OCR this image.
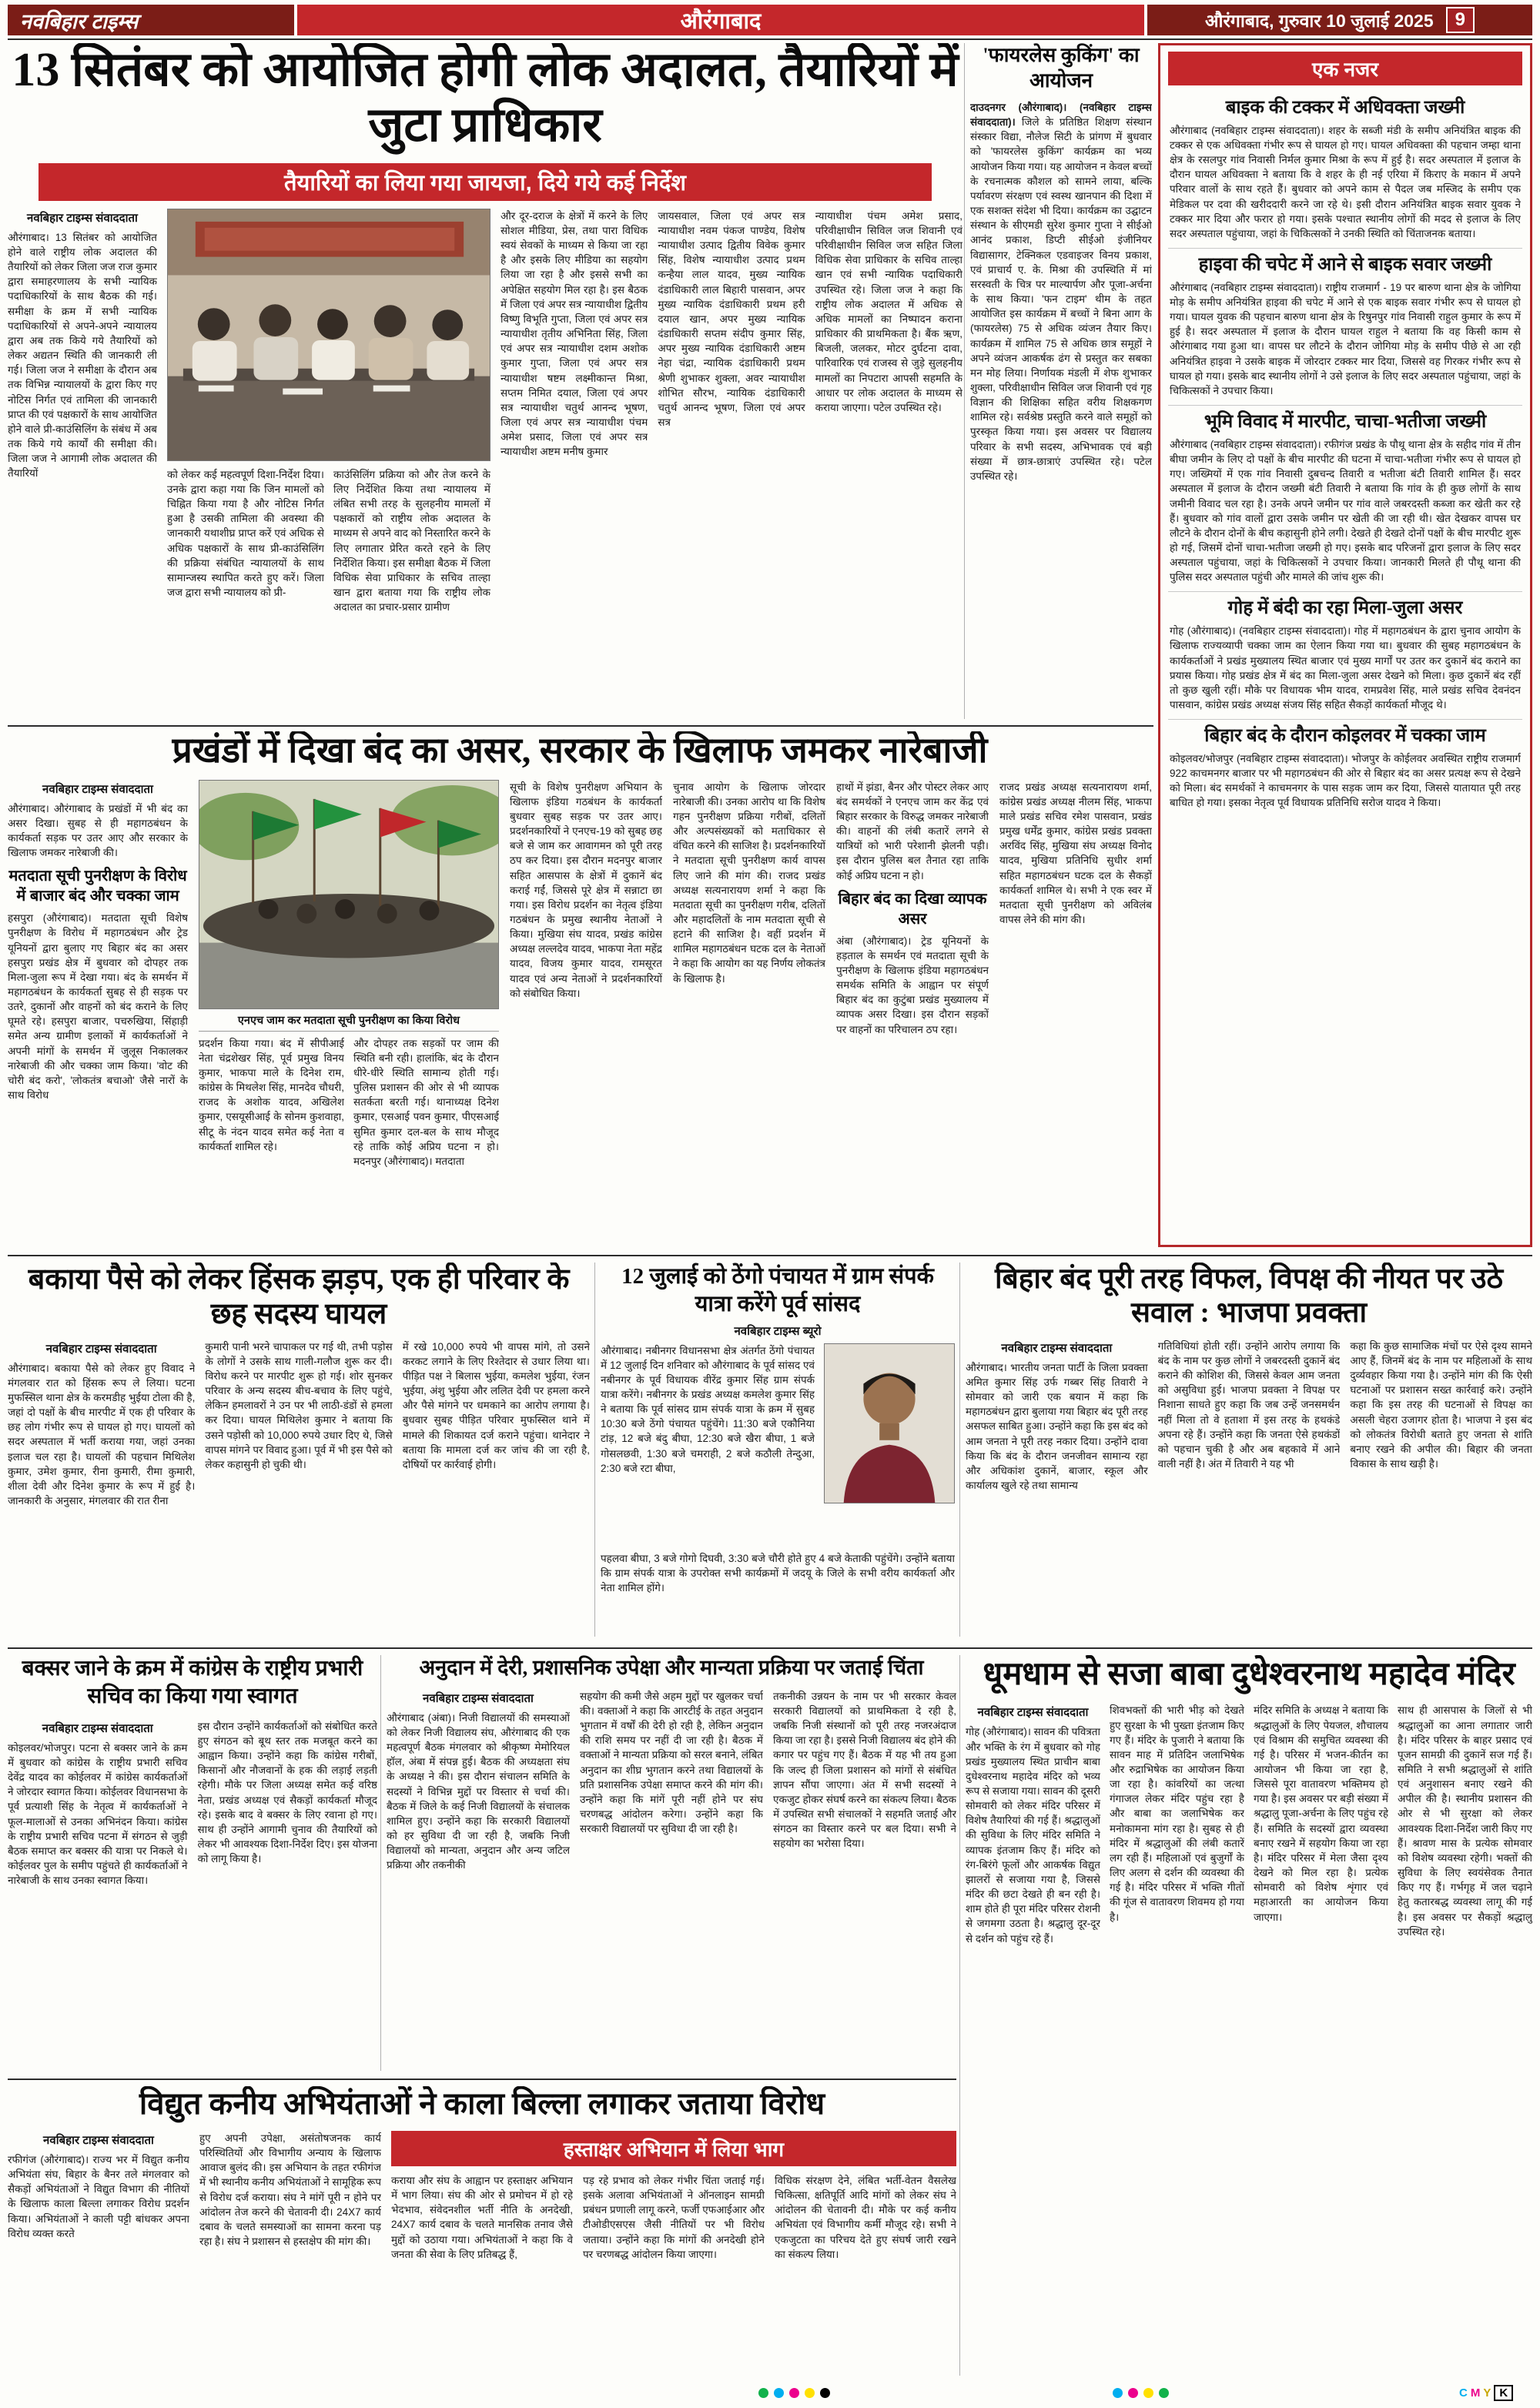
नवबिहार टाइम्स	औरंगाबाद	औरंगाबाद, गुरुवार 10 जुलाई 2025	9
13 सितंबर को आयोजित होगी लोक अदालत, तैयारियों में जुटा प्राधिकार
तैयारियों का लिया गया जायजा, दिये गये कई निर्देश
नवबिहार टाइम्स संवाददाता
औरंगाबाद। 13 सितंबर को आयोजित होने वाले राष्ट्रीय लोक अदालत की तैयारियों को लेकर जिला जज राज कुमार द्वारा समाहरणालय के सभी न्यायिक पदाधिकारियों के साथ बैठक की गई। समीक्षा के क्रम में सभी न्यायिक पदाधिकारियों से अपने-अपने न्यायालय द्वारा अब तक किये गये तैयारियों को लेकर अद्यतन स्थिति की जानकारी ली गई। जिला जज ने समीक्षा के दौरान अब तक विभिन्न न्यायालयों के द्वारा किए गए नोटिस निर्गत एवं तामिला की जानकारी प्राप्त की एवं पक्षकारों के साथ आयोजित होने वाले प्री-काउंसिलिंग के संबंध में अब तक किये गये कार्यों की समीक्षा की। जिला जज ने आगामी लोक अदालत की तैयारियों	को लेकर कई महत्वपूर्ण दिशा-निर्देश दिया। उनके द्वारा कहा गया कि जिन मामलों को चिह्नित किया गया है और नोटिस निर्गत हुआ है उसकी तामिला की अवस्था की जानकारी यथाशीघ्र प्राप्त करें एवं अधिक से अधिक पक्षकारों के साथ प्री-काउंसिलिंग की प्रक्रिया संबंधित न्यायालयों के साथ सामान्जस्य स्थापित करते हुए करें। जिला जज द्वारा सभी न्यायालय को प्री-
काउंसिलिंग प्रक्रिया को और तेज करने के लिए निर्देशित किया तथा न्यायालय में लंबित सभी तरह के सुलहनीय मामलों में पक्षकारों को राष्ट्रीय लोक अदालत के माध्यम से अपने वाद को निस्तारित करने के लिए लगातार प्रेरित करते रहने के लिए निर्देशित किया। इस समीक्षा बैठक में जिला विधिक सेवा प्राधिकार के सचिव ताल्हा खान द्वारा बताया गया कि राष्ट्रीय लोक अदालत का प्रचार-प्रसार ग्रामीण
और दूर-दराज के क्षेत्रों में करने के लिए सोशल मीडिया, प्रेस, तथा पारा विधिक स्वयं सेवकों के माध्यम से किया जा रहा है और इसके लिए मीडिया का सहयोग लिया जा रहा है और इससे सभी का अपेक्षित सहयोग मिल रहा है। इस बैठक में जिला एवं अपर सत्र न्यायाधीश द्वितीय विष्णु विभूति गुप्ता, जिला एवं अपर सत्र न्यायाधीश तृतीय अभिनिता सिंह, जिला एवं अपर सत्र न्यायाधीश दशम अशोक कुमार गुप्ता, जिला एवं अपर सत्र न्यायाधीश षष्टम लक्ष्मीकान्त मिश्रा, सप्तम निमित दयाल, जिला एवं अपर सत्र न्यायाधीश चतुर्थ आनन्द भूषण, जिला एवं अपर सत्र न्यायाधीश पंचम अमेश प्रसाद, जिला एवं अपर सत्र न्यायाधीश अष्टम मनीष कुमार
जायसवाल, जिला एवं अपर सत्र न्यायाधीश नवम पंकज पाण्डेय, विशेष न्यायाधीश उत्पाद द्वितीय विवेक कुमार सिंह, विशेष न्यायाधीश उत्पाद प्रथम कन्हैया लाल यादव, मुख्य न्यायिक दंडाधिकारी लाल बिहारी पासवान, अपर मुख्य न्यायिक दंडाधिकारी प्रथम हरी दयाल खान, अपर मुख्य न्यायिक दंडाधिकारी सप्तम संदीप कुमार सिंह, अपर मुख्य न्यायिक दंडाधिकारी अष्टम नेहा चंद्रा, न्यायिक दंडाधिकारी प्रथम श्रेणी शुभाकर शुक्ला, अवर न्यायाधीश शोभित सौरभ, न्यायिक दंडाधिकारी चतुर्थ आनन्द भूषण, जिला एवं अपर सत्र
न्यायाधीश पंचम अमेश प्रसाद, परिवीक्षाधीन सिविल जज शिवानी एवं परिवीक्षाधीन सिविल जज सहित जिला विधिक सेवा प्राधिकार के सचिव ताल्हा खान एवं सभी न्यायिक पदाधिकारी उपस्थित रहे। जिला जज ने कहा कि राष्ट्रीय लोक अदालत में अधिक से अधिक मामलों का निष्पादन कराना प्राधिकार की प्राथमिकता है। बैंक ऋण, बिजली, जलकर, मोटर दुर्घटना दावा, पारिवारिक एवं राजस्व से जुड़े सुलहनीय मामलों का निपटारा आपसी सहमति के आधार पर लोक अदालत के माध्यम से कराया जाएगा। पटेल उपस्थित रहे।
'फायरलेस कुकिंग' का आयोजन
दाउदनगर (औरंगाबाद)। (नवबिहार टाइम्स संवाददाता)। जिले के प्रतिष्ठित शिक्षण संस्थान संस्कार विद्या, नौलेज सिटी के प्रांगण में बुधवार को 'फायरलेस कुकिंग' कार्यक्रम का भव्य आयोजन किया गया। यह आयोजन न केवल बच्चों के रचनात्मक कौशल को सामने लाया, बल्कि पर्यावरण संरक्षण एवं स्वस्थ खानपान की दिशा में एक सशक्त संदेश भी दिया। कार्यक्रम का उद्घाटन संस्थान के सीएमडी सुरेश कुमार गुप्ता ने सीईओ आनंद प्रकाश, डिप्टी सीईओ इंजीनियर विद्यासागर, टेक्निकल एडवाइजर विनय प्रकाश, एवं प्राचार्य ए. के. मिश्रा की उपस्थिति में मां सरस्वती के चित्र पर माल्यार्पण और पूजा-अर्चना के साथ किया। 'फन टाइम' थीम के तहत आयोजित इस कार्यक्रम में बच्चों ने बिना आग के (फायरलेस) 75 से अधिक व्यंजन तैयार किए। कार्यक्रम में शामिल 75 से अधिक छात्र समूहों ने अपने व्यंजन आकर्षक ढंग से प्रस्तुत कर सबका मन मोह लिया। निर्णायक मंडली में शेफ शुभाकर शुक्ला, परिवीक्षाधीन सिविल जज शिवानी एवं गृह विज्ञान की शिक्षिका सहित वरीय शिक्षकगण शामिल रहे। सर्वश्रेष्ठ प्रस्तुति करने वाले समूहों को पुरस्कृत किया गया। इस अवसर पर विद्यालय परिवार के सभी सदस्य, अभिभावक एवं बड़ी संख्या में छात्र-छात्राएं उपस्थित रहे। पटेल उपस्थित रहे।
एक नजर
बाइक की टक्कर में अधिवक्ता जख्मी
औरंगाबाद (नवबिहार टाइम्स संवाददाता)। शहर के सब्जी मंडी के समीप अनियंत्रित बाइक की टक्कर से एक अधिवक्ता गंभीर रूप से घायल हो गए। घायल अधिवक्ता की पहचान जम्हा थाना क्षेत्र के रसलपुर गांव निवासी निर्मल कुमार मिश्रा के रूप में हुई है। सदर अस्पताल में इलाज के दौरान घायल अधिवक्ता ने बताया कि वे शहर के ही नई एरिया में किराए के मकान में अपने परिवार वालों के साथ रहते हैं। बुधवार को अपने काम से पैदल जब मस्जिद के समीप एक मेडिकल पर दवा की खरीददारी करने जा रहे थे। इसी दौरान अनियंत्रित बाइक सवार युवक ने टक्कर मार दिया और फरार हो गया। इसके पश्चात स्थानीय लोगों की मदद से इलाज के लिए सदर अस्पताल पहुंचाया, जहां के चिकित्सकों ने उनकी स्थिति को चिंताजनक बताया।
हाइवा की चपेट में आने से बाइक सवार जख्मी
औरंगाबाद (नवबिहार टाइम्स संवाददाता)। राष्ट्रीय राजमार्ग - 19 पर बारुण थाना क्षेत्र के जोगिया मोड़ के समीप अनियंत्रित हाइवा की चपेट में आने से एक बाइक सवार गंभीर रूप से घायल हो गया। घायल युवक की पहचान बारुण थाना क्षेत्र के रिषुनपुर गांव निवासी राहुल कुमार के रूप में हुई है। सदर अस्पताल में इलाज के दौरान घायल राहुल ने बताया कि वह किसी काम से औरंगाबाद गया हुआ था। वापस घर लौटने के दौरान जोगिया मोड़ के समीप पीछे से आ रही अनियंत्रित हाइवा ने उसके बाइक में जोरदार टक्कर मार दिया, जिससे वह गिरकर गंभीर रूप से घायल हो गया। इसके बाद स्थानीय लोगों ने उसे इलाज के लिए सदर अस्पताल पहुंचाया, जहां के चिकित्सकों ने उपचार किया।
भूमि विवाद में मारपीट, चाचा-भतीजा जख्मी
औरंगाबाद (नवबिहार टाइम्स संवाददाता)। रफीगंज प्रखंड के पौथू थाना क्षेत्र के सहीद गांव में तीन बीघा जमीन के लिए दो पक्षों के बीच मारपीट की घटना में चाचा-भतीजा गंभीर रूप से घायल हो गए। जख्मियों में एक गांव निवासी दुबचन्द तिवारी व भतीजा बंटी तिवारी शामिल हैं। सदर अस्पताल में इलाज के दौरान जख्मी बंटी तिवारी ने बताया कि गांव के ही कुछ लोगों के साथ जमीनी विवाद चल रहा है। उनके अपने जमीन पर गांव वाले जबरदस्ती कब्जा कर खेती कर रहे हैं। बुधवार को गांव वालों द्वारा उसके जमीन पर खेती की जा रही थी। खेत देखकर वापस घर लौटने के दौरान दोनों के बीच कहासुनी होने लगी। देखते ही देखते दोनों पक्षों के बीच मारपीट शुरू हो गई, जिसमें दोनों चाचा-भतीजा जख्मी हो गए। इसके बाद परिजनों द्वारा इलाज के लिए सदर अस्पताल पहुंचाया, जहां के चिकित्सकों ने उपचार किया। जानकारी मिलते ही पौथू थाना की पुलिस सदर अस्पताल पहुंची और मामले की जांच शुरू की।
गोह में बंदी का रहा मिला-जुला असर
गोह (औरंगाबाद)। (नवबिहार टाइम्स संवाददाता)। गोह में महागठबंधन के द्वारा चुनाव आयोग के खिलाफ राज्यव्यापी चक्का जाम का ऐलान किया गया था। बुधवार की सुबह महागठबंधन के कार्यकर्ताओं ने प्रखंड मुख्यालय स्थित बाजार एवं मुख्य मार्गों पर उतर कर दुकानें बंद कराने का प्रयास किया। गोह प्रखंड क्षेत्र में बंद का मिला-जुला असर देखने को मिला। कुछ दुकानें बंद रहीं तो कुछ खुली रहीं। मौके पर विधायक भीम यादव, रामप्रवेश सिंह, माले प्रखंड सचिव देवनंदन पासवान, कांग्रेस प्रखंड अध्यक्ष संजय सिंह सहित सैकड़ों कार्यकर्ता मौजूद थे।
बिहार बंद के दौरान कोइलवर में चक्का जाम
कोइलवर/भोजपुर (नवबिहार टाइम्स संवाददाता)। भोजपुर के कोईलवर अवस्थित राष्ट्रीय राजमार्ग 922 काचमनगर बाजार पर भी महागठबंधन की ओर से बिहार बंद का असर प्रत्यक्ष रूप से देखने को मिला। बंद समर्थकों ने काचमनगर के पास सड़क जाम कर दिया, जिससे यातायात पूरी तरह बाधित हो गया। इसका नेतृत्व पूर्व विधायक प्रतिनिधि सरोज यादव ने किया।
प्रखंडों में दिखा बंद का असर, सरकार के खिलाफ जमकर नारेबाजी
नवबिहार टाइम्स संवाददाता
औरंगाबाद। औरंगाबाद के प्रखंडों में भी बंद का असर दिखा। सुबह से ही महागठबंधन के कार्यकर्ता सड़क पर उतर आए और सरकार के खिलाफ जमकर नारेबाजी की।
मतदाता सूची पुनरीक्षण के विरोध में बाजार बंद और चक्का जाम
हसपुरा (औरंगाबाद)। मतदाता सूची विशेष पुनरीक्षण के विरोध में महागठबंधन और ट्रेड यूनियनों द्वारा बुलाए गए बिहार बंद का असर हसपुरा प्रखंड क्षेत्र में बुधवार को दोपहर तक मिला-जुला रूप में देखा गया। बंद के समर्थन में महागठबंधन के कार्यकर्ता सुबह से ही सड़क पर उतरे, दुकानों और वाहनों को बंद कराने के लिए घूमते रहे। हसपुरा बाजार, पचरुखिया, सिंहाड़ी समेत अन्य ग्रामीण इलाकों में कार्यकर्ताओं ने अपनी मांगों के समर्थन में जुलूस निकालकर नारेबाजी की और चक्का जाम किया। 'वोट की चोरी बंद करो', 'लोकतंत्र बचाओ' जैसे नारों के साथ विरोध
एनएच जाम कर मतदाता सूची पुनरीक्षण का किया विरोध
प्रदर्शन किया गया। बंद में सीपीआई नेता चंद्रशेखर सिंह, पूर्व प्रमुख विनय कुमार, भाकपा माले के दिनेश राम, कांग्रेस के मिथलेश सिंह, मानदेव चौधरी, राजद के अशोक यादव, अखिलेश कुमार, एसयूसीआई के सोनम कुशवाहा, सीटू के नंदन यादव समेत कई नेता व कार्यकर्ता शामिल रहे।
और दोपहर तक सड़कों पर जाम की स्थिति बनी रही। हालांकि, बंद के दौरान धीरे-धीरे स्थिति सामान्य होती गई। पुलिस प्रशासन की ओर से भी व्यापक सतर्कता बरती गई। थानाध्यक्ष दिनेश कुमार, एसआई पवन कुमार, पीएसआई सुमित कुमार दल-बल के साथ मौजूद रहे ताकि कोई अप्रिय घटना न हो। मदनपुर (औरंगाबाद)। मतदाता
सूची के विशेष पुनरीक्षण अभियान के खिलाफ इंडिया गठबंधन के कार्यकर्ता बुधवार सुबह सड़क पर उतर आए। प्रदर्शनकारियों ने एनएच-19 को सुबह छह बजे से जाम कर आवागमन को पूरी तरह ठप कर दिया। इस दौरान मदनपुर बाजार सहित आसपास के क्षेत्रों में दुकानें बंद कराई गईं, जिससे पूरे क्षेत्र में सन्नाटा छा गया। इस विरोध प्रदर्शन का नेतृत्व इंडिया गठबंधन के प्रमुख स्थानीय नेताओं ने किया। मुखिया संघ यादव, प्रखंड कांग्रेस अध्यक्ष लल्लदेव यादव, भाकपा नेता महेंद्र यादव, विजय कुमार यादव, रामसूरत यादव एवं अन्य नेताओं ने प्रदर्शनकारियों को संबोधित किया।
चुनाव आयोग के खिलाफ जोरदार नारेबाजी की। उनका आरोप था कि विशेष गहन पुनरीक्षण प्रक्रिया गरीबों, दलितों और अल्पसंख्यकों को मताधिकार से वंचित करने की साजिश है। प्रदर्शनकारियों ने मतदाता सूची पुनरीक्षण कार्य वापस लिए जाने की मांग की। राजद प्रखंड अध्यक्ष सत्यनारायण शर्मा ने कहा कि मतदाता सूची का पुनरीक्षण गरीब, दलितों और महादलितों के नाम मतदाता सूची से हटाने की साजिश है। वहीं प्रदर्शन में शामिल महागठबंधन घटक दल के नेताओं ने कहा कि आयोग का यह निर्णय लोकतंत्र के खिलाफ है।
हाथों में झंडा, बैनर और पोस्टर लेकर आए बंद समर्थकों ने एनएच जाम कर केंद्र एवं बिहार सरकार के विरुद्ध जमकर नारेबाजी की। वाहनों की लंबी कतारें लगने से यात्रियों को भारी परेशानी झेलनी पड़ी। इस दौरान पुलिस बल तैनात रहा ताकि कोई अप्रिय घटना न हो।
बिहार बंद का दिखा व्यापक असर
अंबा (औरंगाबाद)। ट्रेड यूनियनों के हड़ताल के समर्थन एवं मतदाता सूची के पुनरीक्षण के खिलाफ इंडिया महागठबंधन समर्थक समिति के आह्वान पर संपूर्ण बिहार बंद का कुटुंबा प्रखंड मुख्यालय में व्यापक असर दिखा। इस दौरान सड़कों पर वाहनों का परिचालन ठप रहा।
राजद प्रखंड अध्यक्ष सत्यनारायण शर्मा, कांग्रेस प्रखंड अध्यक्ष नीलम सिंह, भाकपा माले प्रखंड सचिव रमेश पासवान, प्रखंड प्रमुख धर्मेंद्र कुमार, कांग्रेस प्रखंड प्रवक्ता अरविंद सिंह, मुखिया संघ अध्यक्ष विनोद यादव, मुखिया प्रतिनिधि सुधीर शर्मा सहित महागठबंधन घटक दल के सैकड़ों कार्यकर्ता शामिल थे। सभी ने एक स्वर में मतदाता सूची पुनरीक्षण को अविलंब वापस लेने की मांग की।
बकाया पैसे को लेकर हिंसक झड़प, एक ही परिवार के छह सदस्य घायल
नवबिहार टाइम्स संवाददाता
औरंगाबाद। बकाया पैसे को लेकर हुए विवाद ने मंगलवार रात को हिंसक रूप ले लिया। घटना मुफस्सिल थाना क्षेत्र के करमडीह भुईया टोला की है, जहां दो पक्षों के बीच मारपीट में एक ही परिवार के छह लोग गंभीर रूप से घायल हो गए। घायलों को सदर अस्पताल में भर्ती कराया गया, जहां उनका इलाज चल रहा है। घायलों की पहचान मिथिलेश कुमार, उमेश कुमार, रीना कुमारी, रीमा कुमारी, शीला देवी और दिनेश कुमार के रूप में हुई है। जानकारी के अनुसार, मंगलवार की रात रीना
कुमारी पानी भरने चापाकल पर गई थी, तभी पड़ोस के लोगों ने उसके साथ गाली-गलौज शुरू कर दी। विरोध करने पर मारपीट शुरू हो गई। शोर सुनकर परिवार के अन्य सदस्य बीच-बचाव के लिए पहुंचे, लेकिन हमलावरों ने उन पर भी लाठी-डंडों से हमला कर दिया। घायल मिथिलेश कुमार ने बताया कि उसने पड़ोसी को 10,000 रुपये उधार दिए थे, जिसे वापस मांगने पर विवाद हुआ। पूर्व में भी इस पैसे को लेकर कहासुनी हो चुकी थी।
में रखे 10,000 रुपये भी वापस मांगे, तो उसने करकट लगाने के लिए रिश्तेदार से उधार लिया था। पीड़ित पक्ष ने बिलास भुईया, कमलेश भुईया, रंजन भुईया, अंशु भुईया और ललित देवी पर हमला करने और पैसे मांगने पर धमकाने का आरोप लगाया है। बुधवार सुबह पीड़ित परिवार मुफस्सिल थाने में मामले की शिकायत दर्ज कराने पहुंचा। थानेदार ने बताया कि मामला दर्ज कर जांच की जा रही है, दोषियों पर कार्रवाई होगी।
12 जुलाई को ठेंगो पंचायत में ग्राम संपर्क यात्रा करेंगे पूर्व सांसद
नवबिहार टाइम्स ब्यूरो
औरंगाबाद। नबीनगर विधानसभा क्षेत्र अंतर्गत ठेंगो पंचायत में 12 जुलाई दिन शनिवार को औरंगाबाद के पूर्व सांसद एवं नबीनगर के पूर्व विधायक वीरेंद्र कुमार सिंह ग्राम संपर्क यात्रा करेंगे। नबीनगर के प्रखंड अध्यक्ष कमलेश कुमार सिंह ने बताया कि पूर्व सांसद ग्राम संपर्क यात्रा के क्रम में सुबह 10:30 बजे ठेंगो पंचायत पहुंचेंगे। 11:30 बजे एकौनिया टांड़, 12 बजे बंदु बीघा, 12:30 बजे खैरा बीघा, 1 बजे गोसलछवी, 1:30 बजे चमराही, 2 बजे कठौली तेन्दुआ, 2:30 बजे रटा बीघा,
पहलवा बीघा, 3 बजे गोगो दिघवी, 3:30 बजे चौरी होते हुए 4 बजे केताकी पहुंचेंगे। उन्होंने बताया कि ग्राम संपर्क यात्रा के उपरोक्त सभी कार्यक्रमों में जदयू के जिले के सभी वरीय कार्यकर्ता और नेता शामिल होंगे।
बिहार बंद पूरी तरह विफल, विपक्ष की नीयत पर उठे सवाल : भाजपा प्रवक्ता
नवबिहार टाइम्स संवाददाता
औरंगाबाद। भारतीय जनता पार्टी के जिला प्रवक्ता अमित कुमार सिंह उर्फ गब्बर सिंह तिवारी ने सोमवार को जारी एक बयान में कहा कि महागठबंधन द्वारा बुलाया गया बिहार बंद पूरी तरह असफल साबित हुआ। उन्होंने कहा कि इस बंद को आम जनता ने पूरी तरह नकार दिया। उन्होंने दावा किया कि बंद के दौरान जनजीवन सामान्य रहा और अधिकांश दुकानें, बाजार, स्कूल और कार्यालय खुले रहे तथा सामान्य
गतिविधियां होती रहीं। उन्होंने आरोप लगाया कि बंद के नाम पर कुछ लोगों ने जबरदस्ती दुकानें बंद कराने की कोशिश की, जिससे केवल आम जनता को असुविधा हुई। भाजपा प्रवक्ता ने विपक्ष पर निशाना साधते हुए कहा कि जब उन्हें जनसमर्थन नहीं मिला तो वे हताशा में इस तरह के हथकंडे अपना रहे हैं। उन्होंने कहा कि जनता ऐसे हथकंडों को पहचान चुकी है और अब बहकावे में आने वाली नहीं है। अंत में तिवारी ने यह भी
कहा कि कुछ सामाजिक मंचों पर ऐसे दृश्य सामने आए हैं, जिनमें बंद के नाम पर महिलाओं के साथ दुर्व्यवहार किया गया है। उन्होंने मांग की कि ऐसी घटनाओं पर प्रशासन सख्त कार्रवाई करे। उन्होंने कहा कि इस तरह की घटनाओं से विपक्ष का असली चेहरा उजागर होता है। भाजपा ने इस बंद को लोकतंत्र विरोधी बताते हुए जनता से शांति बनाए रखने की अपील की। बिहार की जनता विकास के साथ खड़ी है।
बक्सर जाने के क्रम में कांग्रेस के राष्ट्रीय प्रभारी सचिव का किया गया स्वागत
नवबिहार टाइम्स संवाददाता
कोइलवर/भोजपुर। पटना से बक्सर जाने के क्रम में बुधवार को कांग्रेस के राष्ट्रीय प्रभारी सचिव देवेंद्र यादव का कोईलवर में कांग्रेस कार्यकर्ताओं ने जोरदार स्वागत किया। कोईलवर विधानसभा के पूर्व प्रत्याशी सिंह के नेतृत्व में कार्यकर्ताओं ने फूल-मालाओं से उनका अभिनंदन किया। कांग्रेस के राष्ट्रीय प्रभारी सचिव पटना में संगठन से जुड़ी बैठक समाप्त कर बक्सर की यात्रा पर निकले थे। कोईलवर पुल के समीप पहुंचते ही कार्यकर्ताओं ने नारेबाजी के साथ उनका स्वागत किया।
इस दौरान उन्होंने कार्यकर्ताओं को संबोधित करते हुए संगठन को बूथ स्तर तक मजबूत करने का आह्वान किया। उन्होंने कहा कि कांग्रेस गरीबों, किसानों और नौजवानों के हक की लड़ाई लड़ती रहेगी। मौके पर जिला अध्यक्ष समेत कई वरिष्ठ नेता, प्रखंड अध्यक्ष एवं सैकड़ों कार्यकर्ता मौजूद रहे। इसके बाद वे बक्सर के लिए रवाना हो गए। साथ ही उन्होंने आगामी चुनाव की तैयारियों को लेकर भी आवश्यक दिशा-निर्देश दिए। इस योजना को लागू किया है।
अनुदान में देरी, प्रशासनिक उपेक्षा और मान्यता प्रक्रिया पर जताई चिंता
नवबिहार टाइम्स संवाददाता
औरंगाबाद (अंबा)। निजी विद्यालयों की समस्याओं को लेकर निजी विद्यालय संघ, औरंगाबाद की एक महत्वपूर्ण बैठक मंगलवार को श्रीकृष्ण मेमोरियल हॉल, अंबा में संपन्न हुई। बैठक की अध्यक्षता संघ के अध्यक्ष ने की। इस दौरान संचालन समिति के सदस्यों ने विभिन्न मुद्दों पर विस्तार से चर्चा की। बैठक में जिले के कई निजी विद्यालयों के संचालक शामिल हुए। उन्होंने कहा कि सरकारी विद्यालयों को हर सुविधा दी जा रही है, जबकि निजी विद्यालयों को मान्यता, अनुदान और अन्य जटिल प्रक्रिया और तकनीकी
सहयोग की कमी जैसे अहम मुद्दों पर खुलकर चर्चा की। वक्ताओं ने कहा कि आरटीई के तहत अनुदान भुगतान में वर्षों की देरी हो रही है, लेकिन अनुदान की राशि समय पर नहीं दी जा रही है। बैठक में वक्ताओं ने मान्यता प्रक्रिया को सरल बनाने, लंबित अनुदान का शीघ्र भुगतान करने तथा विद्यालयों के प्रति प्रशासनिक उपेक्षा समाप्त करने की मांग की। उन्होंने कहा कि मांगें पूरी नहीं होने पर संघ चरणबद्ध आंदोलन करेगा। उन्होंने कहा कि सरकारी विद्यालयों पर सुविधा दी जा रही है।
तकनीकी उन्नयन के नाम पर भी सरकार केवल सरकारी विद्यालयों को प्राथमिकता दे रही है, जबकि निजी संस्थानों को पूरी तरह नजरअंदाज किया जा रहा है। इससे निजी विद्यालय बंद होने की कगार पर पहुंच गए हैं। बैठक में यह भी तय हुआ कि जल्द ही जिला प्रशासन को मांगों से संबंधित ज्ञापन सौंपा जाएगा। अंत में सभी सदस्यों ने एकजुट होकर संघर्ष करने का संकल्प लिया। बैठक में उपस्थित सभी संचालकों ने सहमति जताई और संगठन का विस्तार करने पर बल दिया। सभी ने सहयोग का भरोसा दिया।
धूमधाम से सजा बाबा दुधेश्वरनाथ महादेव मंदिर
नवबिहार टाइम्स संवाददाता
गोह (औरंगाबाद)। सावन की पवित्रता और भक्ति के रंग में बुधवार को गोह प्रखंड मुख्यालय स्थित प्राचीन बाबा दुधेश्वरनाथ महादेव मंदिर को भव्य रूप से सजाया गया। सावन की दूसरी सोमवारी को लेकर मंदिर परिसर में विशेष तैयारियां की गई हैं। श्रद्धालुओं की सुविधा के लिए मंदिर समिति ने व्यापक इंतजाम किए हैं। मंदिर को रंग-बिरंगे फूलों और आकर्षक विद्युत झालरों से सजाया गया है, जिससे मंदिर की छटा देखते ही बन रही है। शाम होते ही पूरा मंदिर परिसर रोशनी से जगमगा उठता है। श्रद्धालु दूर-दूर से दर्शन को पहुंच रहे हैं।
शिवभक्तों की भारी भीड़ को देखते हुए सुरक्षा के भी पुख्ता इंतजाम किए गए हैं। मंदिर के पुजारी ने बताया कि सावन माह में प्रतिदिन जलाभिषेक और रुद्राभिषेक का आयोजन किया जा रहा है। कांवरियों का जत्था गंगाजल लेकर मंदिर पहुंच रहा है और बाबा का जलाभिषेक कर मनोकामना मांग रहा है। सुबह से ही मंदिर में श्रद्धालुओं की लंबी कतारें लग रही हैं। महिलाओं एवं बुजुर्गों के लिए अलग से दर्शन की व्यवस्था की गई है। मंदिर परिसर में भक्ति गीतों की गूंज से वातावरण शिवमय हो गया है।
मंदिर समिति के अध्यक्ष ने बताया कि श्रद्धालुओं के लिए पेयजल, शौचालय एवं विश्राम की समुचित व्यवस्था की गई है। परिसर में भजन-कीर्तन का आयोजन भी किया जा रहा है, जिससे पूरा वातावरण भक्तिमय हो गया है। इस अवसर पर बड़ी संख्या में श्रद्धालु पूजा-अर्चना के लिए पहुंच रहे हैं। समिति के सदस्यों द्वारा व्यवस्था बनाए रखने में सहयोग किया जा रहा है। मंदिर परिसर में मेला जैसा दृश्य देखने को मिल रहा है। प्रत्येक सोमवारी को विशेष शृंगार एवं महाआरती का आयोजन किया जाएगा।
साथ ही आसपास के जिलों से भी श्रद्धालुओं का आना लगातार जारी है। मंदिर परिसर के बाहर प्रसाद एवं पूजन सामग्री की दुकानें सज गई हैं। समिति ने सभी श्रद्धालुओं से शांति एवं अनुशासन बनाए रखने की अपील की है। स्थानीय प्रशासन की ओर से भी सुरक्षा को लेकर आवश्यक दिशा-निर्देश जारी किए गए हैं। श्रावण मास के प्रत्येक सोमवार को विशेष व्यवस्था रहेगी। भक्तों की सुविधा के लिए स्वयंसेवक तैनात किए गए हैं। गर्भगृह में जल चढ़ाने हेतु कतारबद्ध व्यवस्था लागू की गई है। इस अवसर पर सैकड़ों श्रद्धालु उपस्थित रहे।
विद्युत कनीय अभियंताओं ने काला बिल्ला लगाकर जताया विरोध
नवबिहार टाइम्स संवाददाता
रफीगंज (औरंगाबाद)। राज्य भर में विद्युत कनीय अभियंता संघ, बिहार के बैनर तले मंगलवार को सैकड़ों अभियंताओं ने विद्युत विभाग की नीतियों के खिलाफ काला बिल्ला लगाकर विरोध प्रदर्शन किया। अभियंताओं ने काली पट्टी बांधकर अपना विरोध व्यक्त करते
हुए अपनी उपेक्षा, असंतोषजनक कार्य परिस्थितियों और विभागीय अन्याय के खिलाफ आवाज बुलंद की। इस अभियान के तहत रफीगंज में भी स्थानीय कनीय अभियंताओं ने सामूहिक रूप से विरोध दर्ज कराया। संघ ने मांगें पूरी न होने पर आंदोलन तेज करने की चेतावनी दी। 24X7 कार्य दबाव के चलते समस्याओं का सामना करना पड़ रहा है। संघ ने प्रशासन से हस्तक्षेप की मांग की।
हस्ताक्षर अभियान में लिया भाग
कराया और संघ के आह्वान पर हस्ताक्षर अभियान में भाग लिया। संघ की ओर से प्रमोचन में हो रहे भेदभाव, संवेदनशील भर्ती नीति के अनदेखी, 24X7 कार्य दबाव के चलते मानसिक तनाव जैसे मुद्दों को उठाया गया। अभियंताओं ने कहा कि वे जनता की सेवा के लिए प्रतिबद्ध हैं,
पड़ रहे प्रभाव को लेकर गंभीर चिंता जताई गई। इसके अलावा अभियंताओं ने ऑनलाइन सामग्री प्रबंधन प्रणाली लागू करने, फर्जी एफआईआर और टीओडीएसएस जैसी नीतियों पर भी विरोध जताया। उन्होंने कहा कि मांगों की अनदेखी होने पर चरणबद्ध आंदोलन किया जाएगा।
विधिक संरक्षण देने, लंबित भर्ती-वेतन वैसलेख चिकित्सा, क्षतिपूर्ति आदि मांगों को लेकर संघ ने आंदोलन की चेतावनी दी। मौके पर कई कनीय अभियंता एवं विभागीय कर्मी मौजूद रहे। सभी ने एकजुटता का परिचय देते हुए संघर्ष जारी रखने का संकल्प लिया।
C M Y K
